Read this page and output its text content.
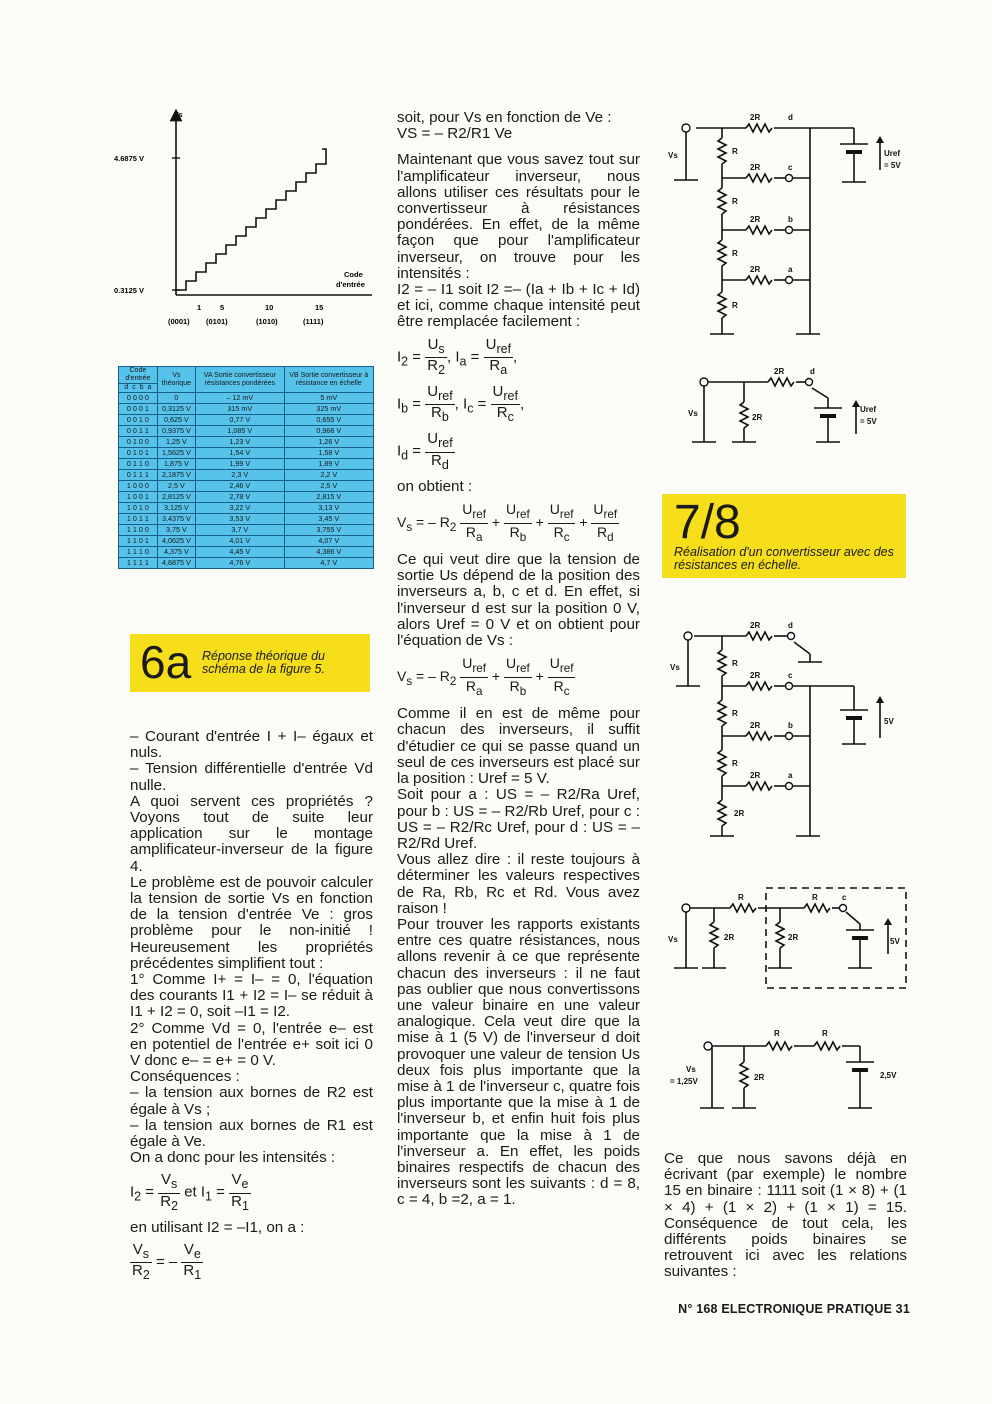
Vs
4.6875 V
0.3125 V
Code
d'entrée
1	5	10	15
(0001) (0101)	(1010)	(1111)
Code d'entrée	Vs théorique	VA Sortie convertisseur résistances pondérées	VB Sortie convertisseur à résistance en échelle
d c b a			
0 0 0 0	0	– 12 mV	5 mV
0 0 0 1	0,3125 V	315 mV	325 mV
0 0 1 0	0,625 V	0,77 V	0,655 V
0 0 1 1	0,9375 V	1,085 V	0,968 V
0 1 0 0	1,25 V	1,23 V	1,26 V
0 1 0 1	1,5625 V	1,54 V	1,58 V
0 1 1 0	1,875 V	1,99 V	1,89 V
0 1 1 1	2,1875 V	2,3 V	2,2 V
1 0 0 0	2,5 V	2,46 V	2,5 V
1 0 0 1	2,8125 V	2,78 V	2,815 V
1 0 1 0	3,125 V	3,22 V	3,13 V
1 0 1 1	3,4375 V	3,53 V	3,45 V
1 1 0 0	3,75 V	3,7 V	3,755 V
1 1 0 1	4,0625 V	4,01 V	4,07 V
1 1 1 0	4,375 V	4,45 V	4,386 V
1 1 1 1	4,6875 V	4,76 V	4,7 V
6a Réponse théorique du schéma de la figure 5.

– Courant d'entrée I + I– égaux et nuls.

– Tension différentielle d'entrée Vd nulle.

A quoi servent ces propriétés ? Voyons tout de suite leur application sur le montage amplificateur-inverseur de la figure 4.

Le problème est de pouvoir calculer la tension de sortie Vs en fonction de la tension d'entrée Ve : gros problème pour le non-initié ! Heureusement les propriétés précédentes simplifient tout :

1° Comme I+ = I– = 0, l'équation des courants I1 + I2 = I– se réduit à I1 + I2 = 0, soit –I1 = I2.

2° Comme Vd = 0, l'entrée e– est en potentiel de l'entrée e+ soit ici 0 V donc e– = e+ = 0 V.

Conséquences :

– la tension aux bornes de R2 est égale à Vs ;

– la tension aux bornes de R1 est égale à Ve.

On a donc pour les intensités :

$I_2 = \frac{V_s}{R_2}$ et $I_1 = \frac{V_e}{R_1}$

en utilisant I2 = –I1, on a :

$\frac{V_s}{R_2}$ = – $\frac{V_e}{R_1}$

soit, pour Vs en fonction de Ve :

VS = – R2/R1 Ve

Maintenant que vous savez tout sur l'amplificateur inverseur, nous allons utiliser ces résultats pour le convertisseur à résistances pondérées. En effet, de la même façon que pour l'amplificateur inverseur, on trouve pour les intensités :

I2 = – I1 soit I2 =– (Ia + Ib + Ic + Id) et ici, comme chaque intensité peut être remplacée facilement :

$I_2 = \frac{U_s}{R_2}$ , $I_a = \frac{U_{ref}}{R_a}$ ,
$I_b = \frac{U_{ref}}{R_b}$ , $I_c = \frac{U_{ref}}{R_c}$ ,
$I_d = \frac{U_{ref}}{R_d}$

on obtient :

$V_s$ = – $R_2 \frac{U_{ref}}{R_a} + \frac{U_{ref}}{R_b} + \frac{U_{ref}}{R_c} + \frac{U_{ref}}{R_d}$

Ce qui veut dire que la tension de sortie Us dépend de la position des inverseurs a, b, c et d. En effet, si l'inverseur d est sur la position 0 V, alors Uref = 0 V et on obtient pour l'équation de Vs :

$V_s$ = – $R_2 \frac{U_{ref}}{R_a} + \frac{U_{ref}}{R_b} + \frac{U_{ref}}{R_c}$

Comme il en est de même pour chacun des inverseurs, il suffit d'étudier ce qui se passe quand un seul de ces inverseurs est placé sur la position : Uref = 5 V.

Soit pour a : US = – R2/Ra Uref, pour b : US = – R2/Rb Uref, pour c : US = – R2/Rc Uref, pour d : US = – R2/Rd Uref.

Vous allez dire : il reste toujours à déterminer les valeurs respectives de Ra, Rb, Rc et Rd. Vous avez raison !

Pour trouver les rapports existants entre ces quatre résistances, nous allons revenir à ce que représente chacun des inverseurs : il ne faut pas oublier que nous convertissons une valeur binaire en une valeur analogique. Cela veut dire que la mise à 1 (5 V) de l'inverseur d doit provoquer une valeur de tension Us deux fois plus importante que la mise à 1 de l'inverseur c, quatre fois plus importante que la mise à 1 de l'inverseur b, et enfin huit fois plus importante que la mise à 1 de l'inverseur a. En effet, les poids binaires respectifs de chacun des inverseurs sont les suivants : d = 8, c = 4, b =2, a = 1.

Vs	Uref
= 5V
2R
2R
2R
2R
R
R
R
R
d
c
b
a
Vs	2R
2R	d
Uref
= 5V
7/8
Réalisation d'un convertisseur avec des résistances en échelle.
Vs
5V
2R
2R
2R
2R
R
R
R
2R
d
c
b
a
Vs	2R
R
2R
R	c
5V
Vs
= 1,25V	2R
R	R
2,5V

Ce que nous savons déjà en écrivant (par exemple) le nombre 15 en binaire : 1111 soit (1 × 8) + (1 × 4) + (1 × 2) + (1 × 1) = 15. Conséquence de tout cela, les différents poids binaires se retrouvent ici avec les relations suivantes :

N° 168 ELECTRONIQUE PRATIQUE 31
